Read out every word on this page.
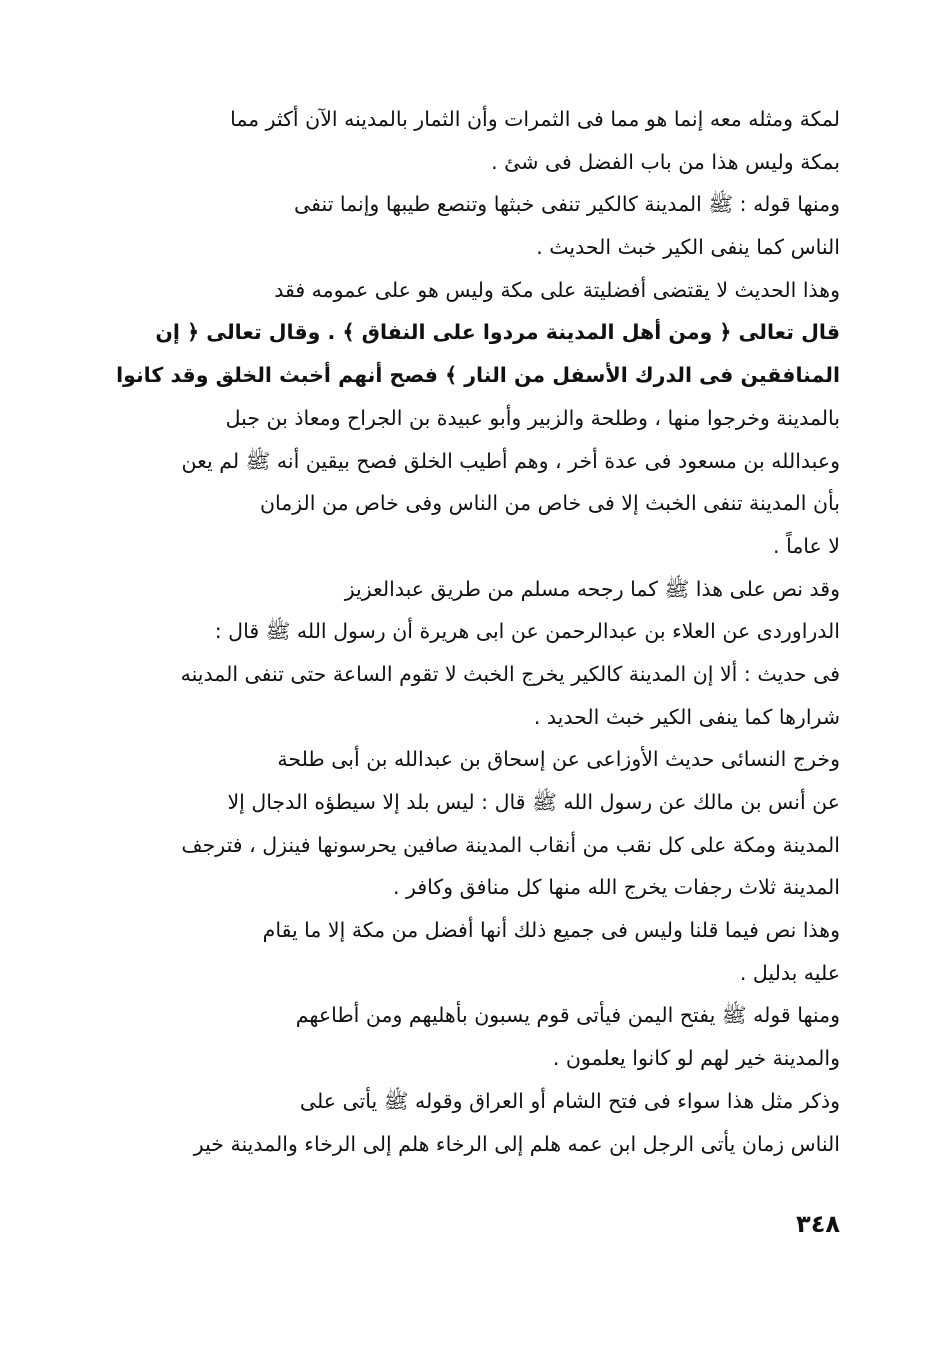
لمكة ومثله معه إنما هو مما فى الثمرات وأن الثمار بالمدينه الآن أكثر مما
بمكة وليس هذا من باب الفضل فى شئ .
ومنها قوله : ﷺ المدينة كالكير تنفى خبثها وتنصع طيبها وإنما تنفى
الناس كما ينفى الكير خبث الحديث .
وهذا الحديث لا يقتضى أفضليتة على مكة وليس هو على عمومه فقد
قال تعالى ﴿ ومن أهل المدينة مردوا على النفاق ﴾ . وقال تعالى ﴿ إن
المنافقين فى الدرك الأسفل من النار ﴾ فصح أنهم أخبث الخلق وقد كانوا
بالمدينة وخرجوا منها ، وطلحة والزبير وأبو عبيدة بن الجراح ومعاذ بن جبل
وعبدالله بن مسعود فى عدة أخر ، وهم أطيب الخلق فصح بيقين أنه ﷺ لم يعن
بأن المدينة تنفى الخبث إلا فى خاص من الناس وفى خاص من الزمان
لا عاماً .
وقد نص على هذا ﷺ كما رجحه مسلم من طريق عبدالعزيز
الدراوردى عن العلاء بن عبدالرحمن عن ابى هريرة أن رسول الله ﷺ قال :
فى حديث : ألا إن المدينة كالكير يخرج الخبث لا تقوم الساعة حتى تنفى المدينه
شرارها كما ينفى الكير خبث الحديد .
وخرج النسائى حديث الأوزاعى عن إسحاق بن عبدالله بن أبى طلحة
عن أنس بن مالك عن رسول الله ﷺ قال : ليس بلد إلا سيطؤه الدجال إلا
المدينة ومكة على كل نقب من أنقاب المدينة صافين يحرسونها فينزل ، فترجف
المدينة ثلاث رجفات يخرج الله منها كل منافق وكافر .
وهذا نص فيما قلنا وليس فى جميع ذلك أنها أفضل من مكة إلا ما يقام
عليه بدليل .
ومنها قوله ﷺ يفتح اليمن فيأتى قوم يسبون بأهليهم ومن أطاعهم
والمدينة خير لهم لو كانوا يعلمون .
وذكر مثل هذا سواء فى فتح الشام أو العراق وقوله ﷺ يأتى على
الناس زمان يأتى الرجل ابن عمه هلم إلى الرخاء هلم إلى الرخاء والمدينة خير
٣٤٨
